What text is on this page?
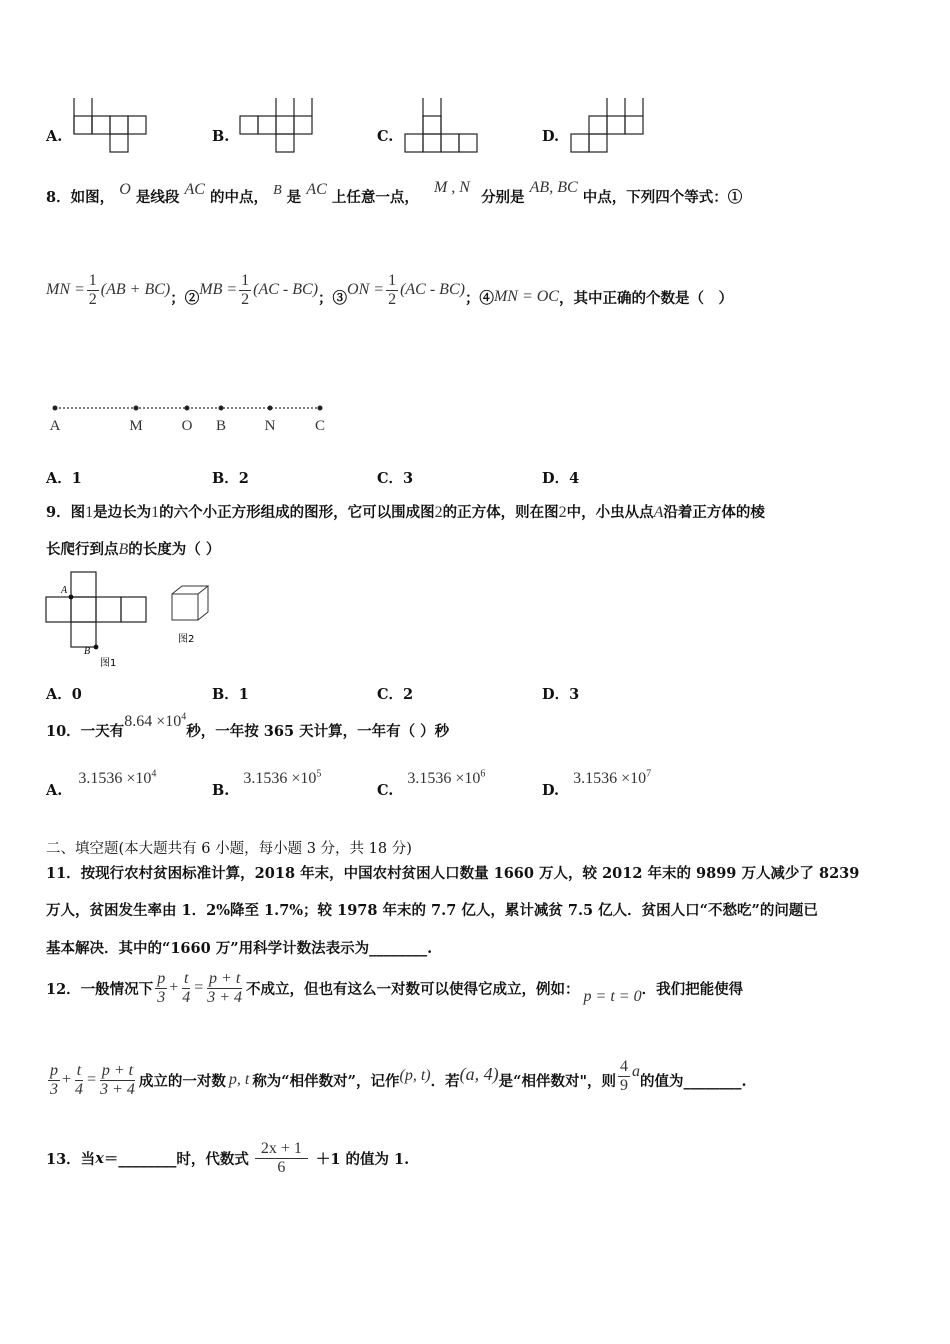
A.	B.	C.	D.
8．如图， O 是线段 AC 的中点， B 是 AC 上任意一点， M , N 分别是 AB, BC 中点，下列四个等式：①
MN = $\frac{1}{2} (AB + BC)$ ；② MB = $\frac{1}{2} (AC - BC)$ ；③ ON = $\frac{1}{2} (AC - BC)$ ；④ MN = OC ，其中正确的个数是（　）
A	M	O B	N	C
A．1	B．2	C．3	D．4
9．图1是边长为1的六个小正方形组成的图形，它可以围成图2的正方体，则在图2中，小虫从点A沿着正方体的棱
长爬行到点B的长度为（ ）
A
B
图1
图2
A．0	B．1	C．2	D．3
10．一天有$8.64 \times 10^4$秒，一年按 365 天计算，一年有（ ）秒
$A.3.1536 \times 10^4$
$B.3.1536 \times 10^5$
$C.3.1536 \times 10^6$
$D.3.1536 \times 10^7$
二、填空题(本大题共有 6 小题，每小题 3 分，共 18 分)
11．按现行农村贫困标准计算，2018 年末，中国农村贫困人口数量 1660 万人，较 2012 年末的 9899 万人减少了 8239
万人，贫困发生率由 1．2%降至 1.7%；较 1978 年末的 7.7 亿人，累计减贫 7.5 亿人．贫困人口“不愁吃”的问题已
基本解决．其中的“1660 万”用科学计数法表示为________.
12．一般情况下 $\frac{p}{3} + \frac{t}{4} = \frac{p + t}{3 + 4}$ 不成立，但也有这么一对数可以使得它成立，例如： p = t = 0 ．我们把能使得
$\frac{p}{3} + \frac{t}{4} = \frac{p + t}{3 + 4}$ 成立的一对数 p, t 称为“相伴数对”，记作 (p, t) ．若 (a, 4) 是“相伴数对"，则 $\frac{4}{9}$ a
的值为________.
13．当 x ＝________时，代数式 $\frac{2x + 1}{6} +1$ 的值为 1.
